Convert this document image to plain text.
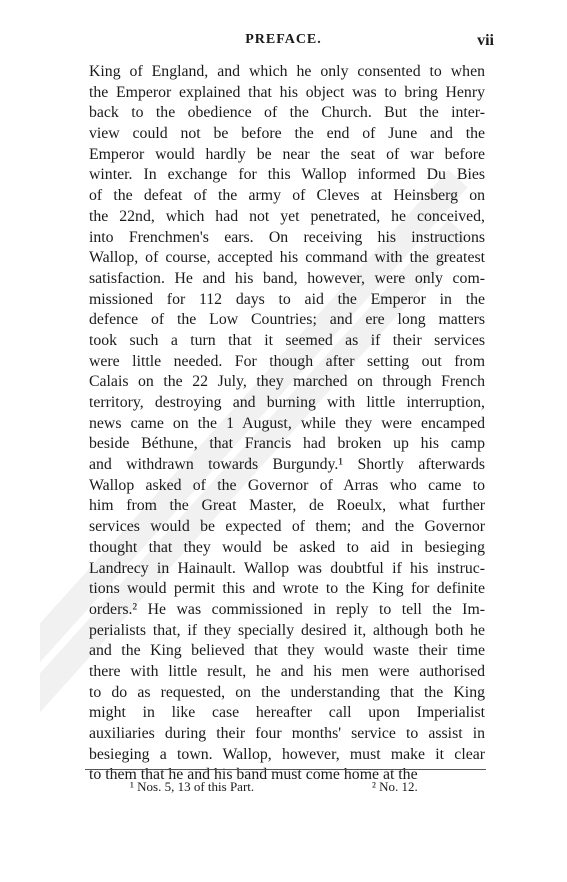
PREFACE.	vii
King of England, and which he only consented to when
the Emperor explained that his object was to bring Henry
back to the obedience of the Church. But the inter-
view could not be before the end of June and the
Emperor would hardly be near the seat of war before
winter. In exchange for this Wallop informed Du Bies
of the defeat of the army of Cleves at Heinsberg on
the 22nd, which had not yet penetrated, he conceived,
into Frenchmen's ears. On receiving his instructions
Wallop, of course, accepted his command with the greatest
satisfaction. He and his band, however, were only com-
missioned for 112 days to aid the Emperor in the
defence of the Low Countries; and ere long matters
took such a turn that it seemed as if their services
were little needed. For though after setting out from
Calais on the 22 July, they marched on through French
territory, destroying and burning with little interruption,
news came on the 1 August, while they were encamped
beside Béthune, that Francis had broken up his camp
and withdrawn towards Burgundy.¹ Shortly afterwards
Wallop asked of the Governor of Arras who came to
him from the Great Master, de Roeulx, what further
services would be expected of them; and the Governor
thought that they would be asked to aid in besieging
Landrecy in Hainault. Wallop was doubtful if his instruc-
tions would permit this and wrote to the King for definite
orders.² He was commissioned in reply to tell the Im-
perialists that, if they specially desired it, although both he
and the King believed that they would waste their time
there with little result, he and his men were authorised
to do as requested, on the understanding that the King
might in like case hereafter call upon Imperialist
auxiliaries during their four months' service to assist in
besieging a town. Wallop, however, must make it clear
to them that he and his band must come home at the
¹ Nos. 5, 13 of this Part.	² No. 12.
